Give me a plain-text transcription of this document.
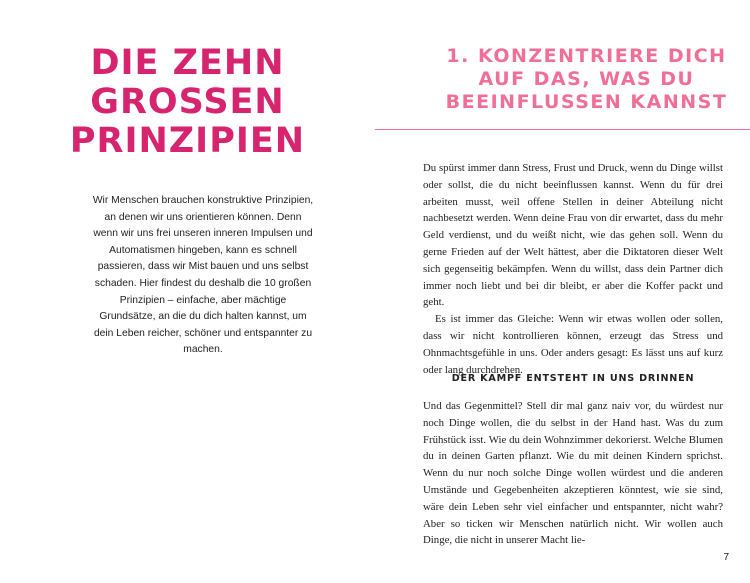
DIE ZEHN
GROSSEN
PRINZIPIEN
Wir Menschen brauchen konstruktive Prinzipien, an denen wir uns orientieren können. Denn wenn wir uns frei unseren inneren Impulsen und Automatismen hingeben, kann es schnell passieren, dass wir Mist bauen und uns selbst schaden. Hier findest du deshalb die 10 großen Prinzipien – einfache, aber mächtige Grundsätze, an die du dich halten kannst, um dein Leben reicher, schöner und entspannter zu machen.
1. KONZENTRIERE DICH
AUF DAS, WAS DU
BEEINFLUSSEN KANNST

Du spürst immer dann Stress, Frust und Druck, wenn du Dinge willst oder sollst, die du nicht beeinflussen kannst. Wenn du für drei arbeiten musst, weil offene Stellen in deiner Abteilung nicht nachbesetzt werden. Wenn deine Frau von dir erwartet, dass du mehr Geld verdienst, und du weißt nicht, wie das gehen soll. Wenn du gerne Frieden auf der Welt hättest, aber die Diktatoren dieser Welt sich gegenseitig bekämpfen. Wenn du willst, dass dein Partner dich immer noch liebt und bei dir bleibt, er aber die Koffer packt und geht.

Es ist immer das Gleiche: Wenn wir etwas wollen oder sollen, dass wir nicht kontrollieren können, erzeugt das Stress und Ohnmachtsgefühle in uns. Oder anders gesagt: Es lässt uns auf kurz oder lang durchdrehen.

DER KAMPF ENTSTEHT IN UNS DRINNEN

Und das Gegenmittel? Stell dir mal ganz naiv vor, du würdest nur noch Dinge wollen, die du selbst in der Hand hast. Was du zum Frühstück isst. Wie du dein Wohnzimmer dekorierst. Welche Blumen du in deinen Garten pflanzt. Wie du mit deinen Kindern sprichst. Wenn du nur noch solche Dinge wollen würdest und die anderen Umstände und Gegebenheiten akzeptieren könntest, wie sie sind, wäre dein Leben sehr viel einfacher und entspannter, nicht wahr? Aber so ticken wir Menschen natürlich nicht. Wir wollen auch Dinge, die nicht in unserer Macht lie-

7
